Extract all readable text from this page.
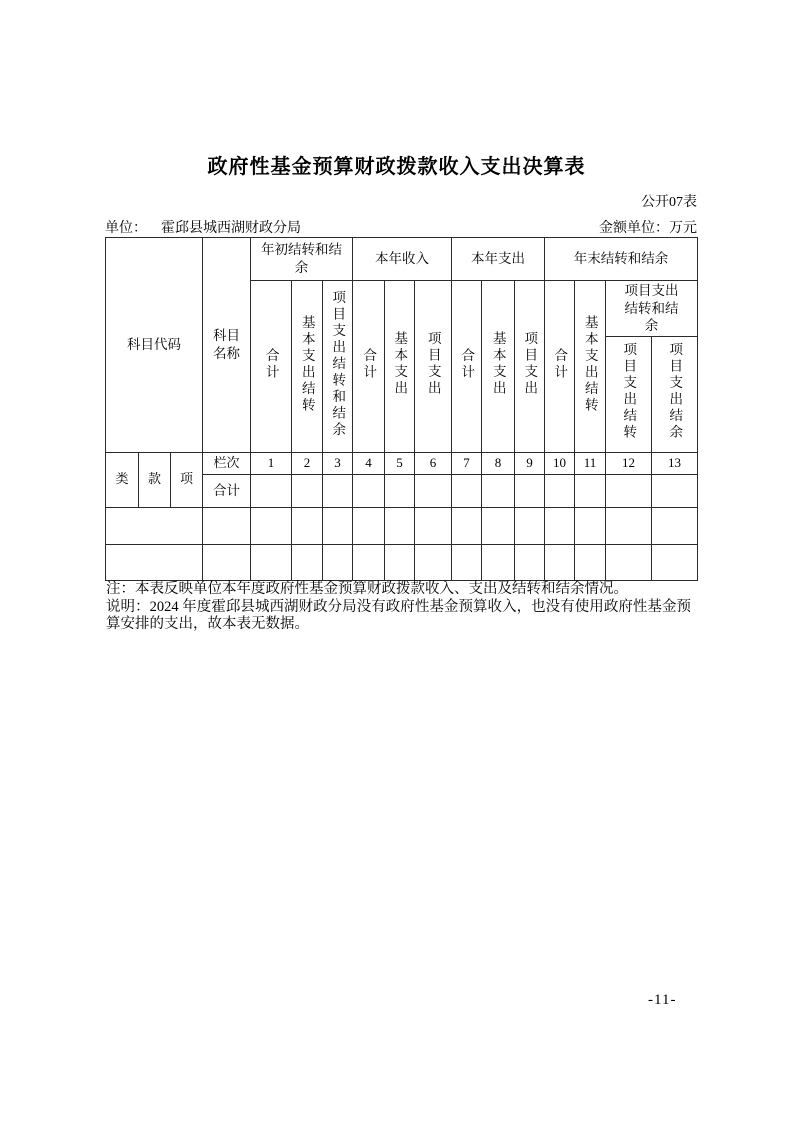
政府性基金预算财政拨款收入支出决算表
公开07表
单位： 霍邱县城西湖财政分局	金额单位：万元
科目代码			科目名称	年初结转和结余			本年收入			本年支出			年末结转和结余			
				合计	基本支出结转	项目支出结转和结余	合计	基本支出	项目支出	合计	基本支出	项目支出	合计	基本支出结转	项目支出结转和结余	
															项目支出结转	项目支出结余
类	款	项	栏次	1	2	3	4	5	6	7	8	9	10	11	12	13
			合计													

注：本表反映单位本年度政府性基金预算财政拨款收入、支出及结转和结余情况。

说明：2024 年度霍邱县城西湖财政分局没有政府性基金预算收入，也没有使用政府性基金预算安排的支出，故本表无数据。

-11-
